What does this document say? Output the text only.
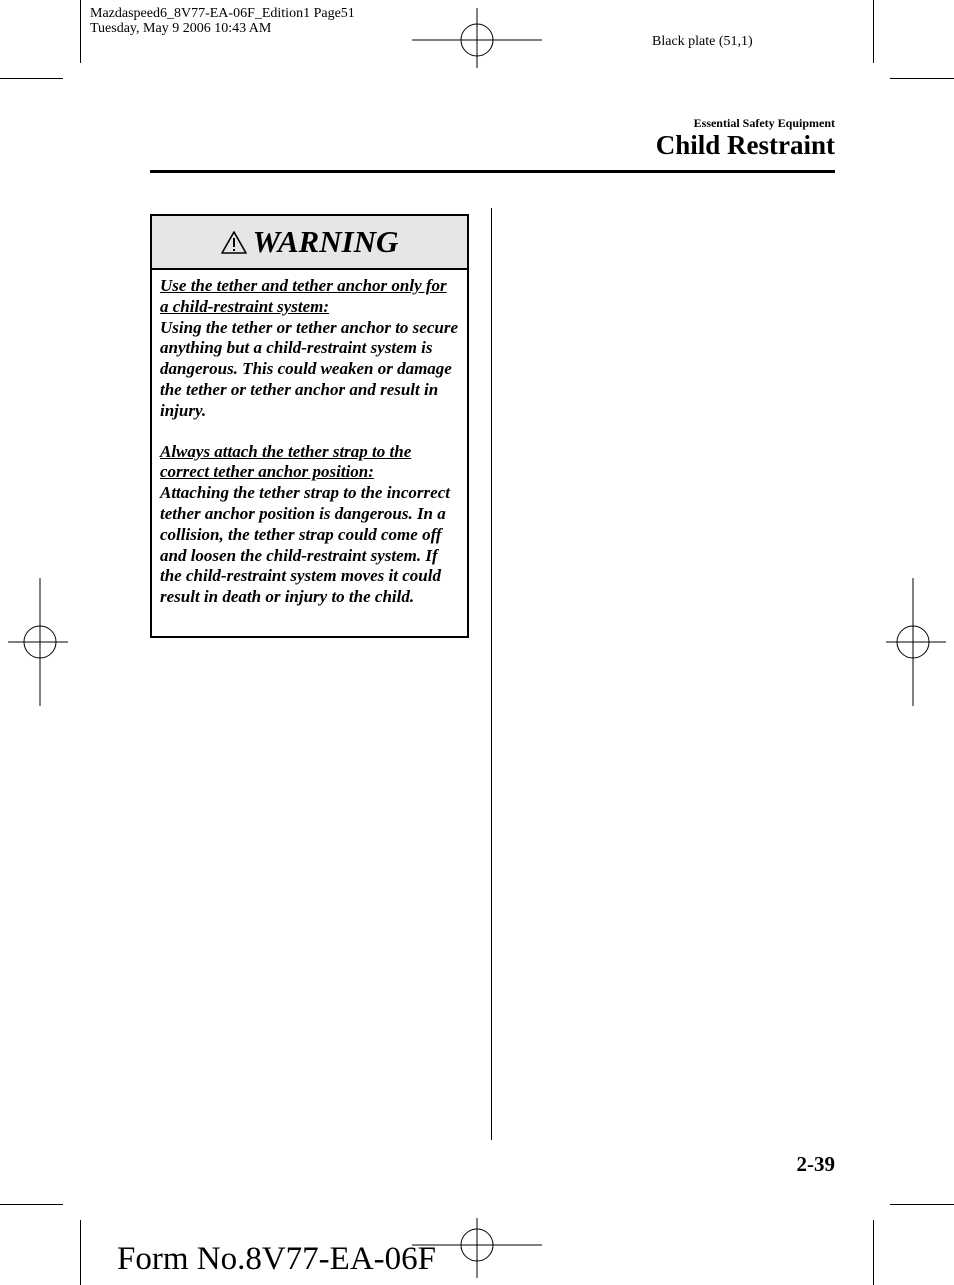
Mazdaspeed6_8V77-EA-06F_Edition1 Page51
Tuesday, May 9 2006 10:43 AM
Black plate (51,1)
Essential Safety Equipment
Child Restraint
WARNING

Use the tether and tether anchor only for a child-restraint system:

Using the tether or tether anchor to secure anything but a child-restraint system is dangerous. This could weaken or damage the tether or tether anchor and result in injury.

Always attach the tether strap to the correct tether anchor position:

Attaching the tether strap to the incorrect tether anchor position is dangerous. In a collision, the tether strap could come off and loosen the child-restraint system. If the child-restraint system moves it could result in death or injury to the child.

2-39
Form No.8V77-EA-06F
